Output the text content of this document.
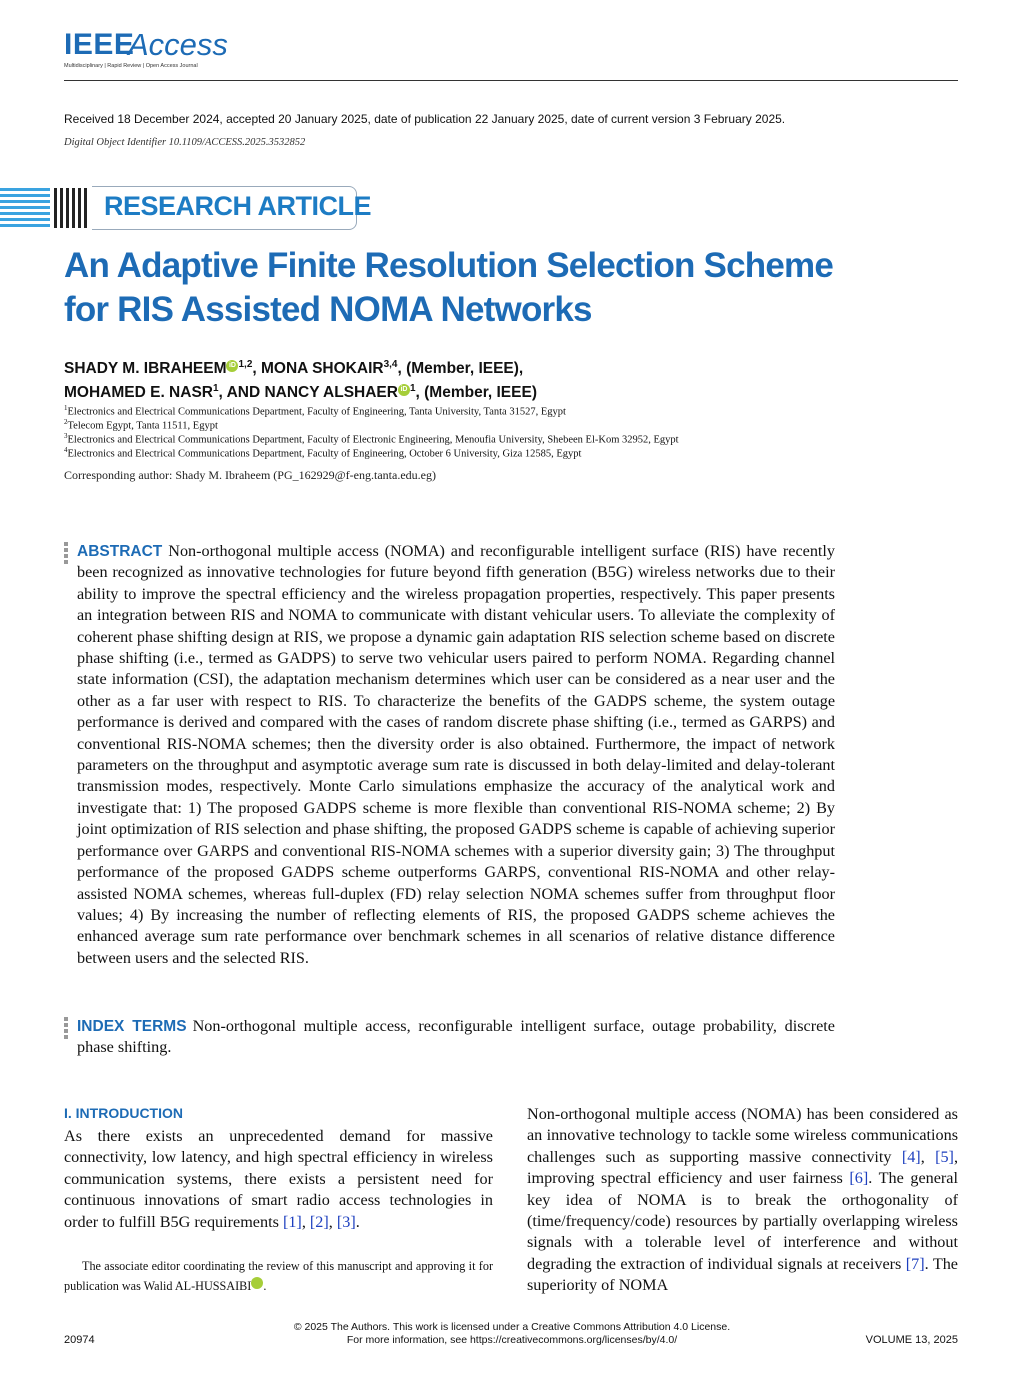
IEEE
Access
Multidisciplinary | Rapid Review | Open Access Journal
Received 18 December 2024, accepted 20 January 2025, date of publication 22 January 2025, date of current version 3 February 2025.
Digital Object Identifier 10.1109/ACCESS.2025.3532852
RESEARCH ARTICLE
An Adaptive Finite Resolution Selection Scheme
for RIS Assisted NOMA Networks
SHADY M. IBRAHEEM iD $^{1,2}$, MONA SHOKAIR$^{3,4}$, (Member, IEEE),
MOHAMED E. NASR$^1$, AND NANCY ALSHAER iD $^1$, (Member, IEEE)
$^1$Electronics and Electrical Communications Department, Faculty of Engineering, Tanta University, Tanta 31527, Egypt
$^2$Telecom Egypt, Tanta 11511, Egypt
$^3$Electronics and Electrical Communications Department, Faculty of Electronic Engineering, Menoufia University, Shebeen El-Kom 32952, Egypt
$^4$Electronics and Electrical Communications Department, Faculty of Engineering, October 6 University, Giza 12585, Egypt
Corresponding author: Shady M. Ibraheem (PG_162929@f-eng.tanta.edu.eg)
ABSTRACT Non-orthogonal multiple access (NOMA) and reconfigurable intelligent surface (RIS) have recently been recognized as innovative technologies for future beyond fifth generation (B5G) wireless networks due to their ability to improve the spectral efficiency and the wireless propagation properties, respectively. This paper presents an integration between RIS and NOMA to communicate with distant vehicular users. To alleviate the complexity of coherent phase shifting design at RIS, we propose a dynamic gain adaptation RIS selection scheme based on discrete phase shifting (i.e., termed as GADPS) to serve two vehicular users paired to perform NOMA. Regarding channel state information (CSI), the adaptation mechanism determines which user can be considered as a near user and the other as a far user with respect to RIS. To characterize the benefits of the GADPS scheme, the system outage performance is derived and compared with the cases of random discrete phase shifting (i.e., termed as GARPS) and conventional RIS-NOMA schemes; then the diversity order is also obtained. Furthermore, the impact of network parameters on the throughput and asymptotic average sum rate is discussed in both delay-limited and delay-tolerant transmission modes, respectively. Monte Carlo simulations emphasize the accuracy of the analytical work and investigate that: 1) The proposed GADPS scheme is more flexible than conventional RIS-NOMA scheme; 2) By joint optimization of RIS selection and phase shifting, the proposed GADPS scheme is capable of achieving superior performance over GARPS and conventional RIS-NOMA schemes with a superior diversity gain; 3) The throughput performance of the proposed GADPS scheme outperforms GARPS, conventional RIS-NOMA and other relay-assisted NOMA schemes, whereas full-duplex (FD) relay selection NOMA schemes suffer from throughput floor values; 4) By increasing the number of reflecting elements of RIS, the proposed GADPS scheme achieves the enhanced average sum rate performance over benchmark schemes in all scenarios of relative distance difference between users and the selected RIS.
INDEX TERMS Non-orthogonal multiple access, reconfigurable intelligent surface, outage probability, discrete phase shifting.
I. INTRODUCTION
As there exists an unprecedented demand for massive connectivity, low latency, and high spectral efficiency in wireless communication systems, there exists a persistent need for continuous innovations of smart radio access technologies in order to fulfill B5G requirements [1], [2], [3].
Non-orthogonal multiple access (NOMA) has been considered as an innovative technology to tackle some wireless communications challenges such as supporting massive connectivity [4], [5], improving spectral efficiency and user fairness [6]. The general key idea of NOMA is to break the orthogonality of (time/frequency/code) resources by partially overlapping wireless signals with a tolerable level of interference and without degrading the extraction of individual signals at receivers [7]. The superiority of NOMA
The associate editor coordinating the review of this manuscript and approving it for publication was Walid AL-HUSSAIBI	iD.
© 2025 The Authors. This work is licensed under a Creative Commons Attribution 4.0 License.
For more information, see https://creativecommons.org/licenses/by/4.0/
20974	VOLUME 13, 2025
